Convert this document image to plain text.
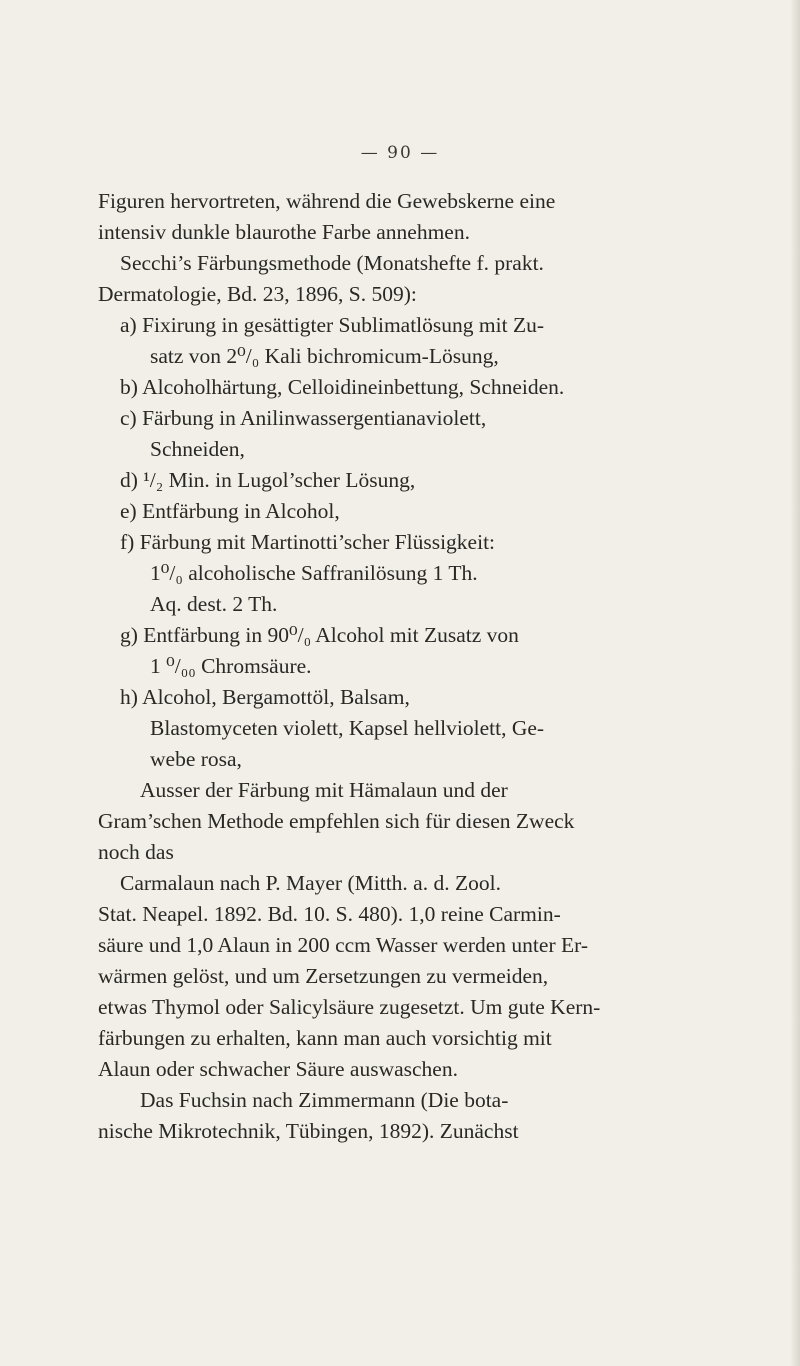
— 90 —
Figuren hervortreten, während die Gewebskerne eine
intensiv dunkle blaurothe Farbe annehmen.
Secchi’s Färbungsmethode (Monatshefte f. prakt.
Dermatologie, Bd. 23, 1896, S. 509):
a) Fixirung in gesättigter Sublimatlösung mit Zu-
satz von 2⁰/₀ Kali bichromicum-Lösung,
b) Alcoholhärtung, Celloidineinbettung, Schneiden.
c) Färbung in Anilinwassergentianaviolett,
Schneiden,
d) ¹/₂ Min. in Lugol’scher Lösung,
e) Entfärbung in Alcohol,
f) Färbung mit Martinotti’scher Flüssigkeit:
1⁰/₀ alcoholische Saffranilösung 1 Th.
Aq. dest. 2 Th.
g) Entfärbung in 90⁰/₀ Alcohol mit Zusatz von
1 ⁰/₀₀ Chromsäure.
h) Alcohol, Bergamottöl, Balsam,
Blastomyceten violett, Kapsel hellviolett, Ge-
webe rosa,
Ausser der Färbung mit Hämalaun und der
Gram’schen Methode empfehlen sich für diesen Zweck
noch das
Carmalaun nach P. Mayer (Mitth. a. d. Zool.
Stat. Neapel. 1892. Bd. 10. S. 480). 1,0 reine Carmin-
säure und 1,0 Alaun in 200 ccm Wasser werden unter Er-
wärmen gelöst, und um Zersetzungen zu vermeiden,
etwas Thymol oder Salicylsäure zugesetzt. Um gute Kern-
färbungen zu erhalten, kann man auch vorsichtig mit
Alaun oder schwacher Säure auswaschen.
Das Fuchsin nach Zimmermann (Die bota-
nische Mikrotechnik, Tübingen, 1892). Zunächst
